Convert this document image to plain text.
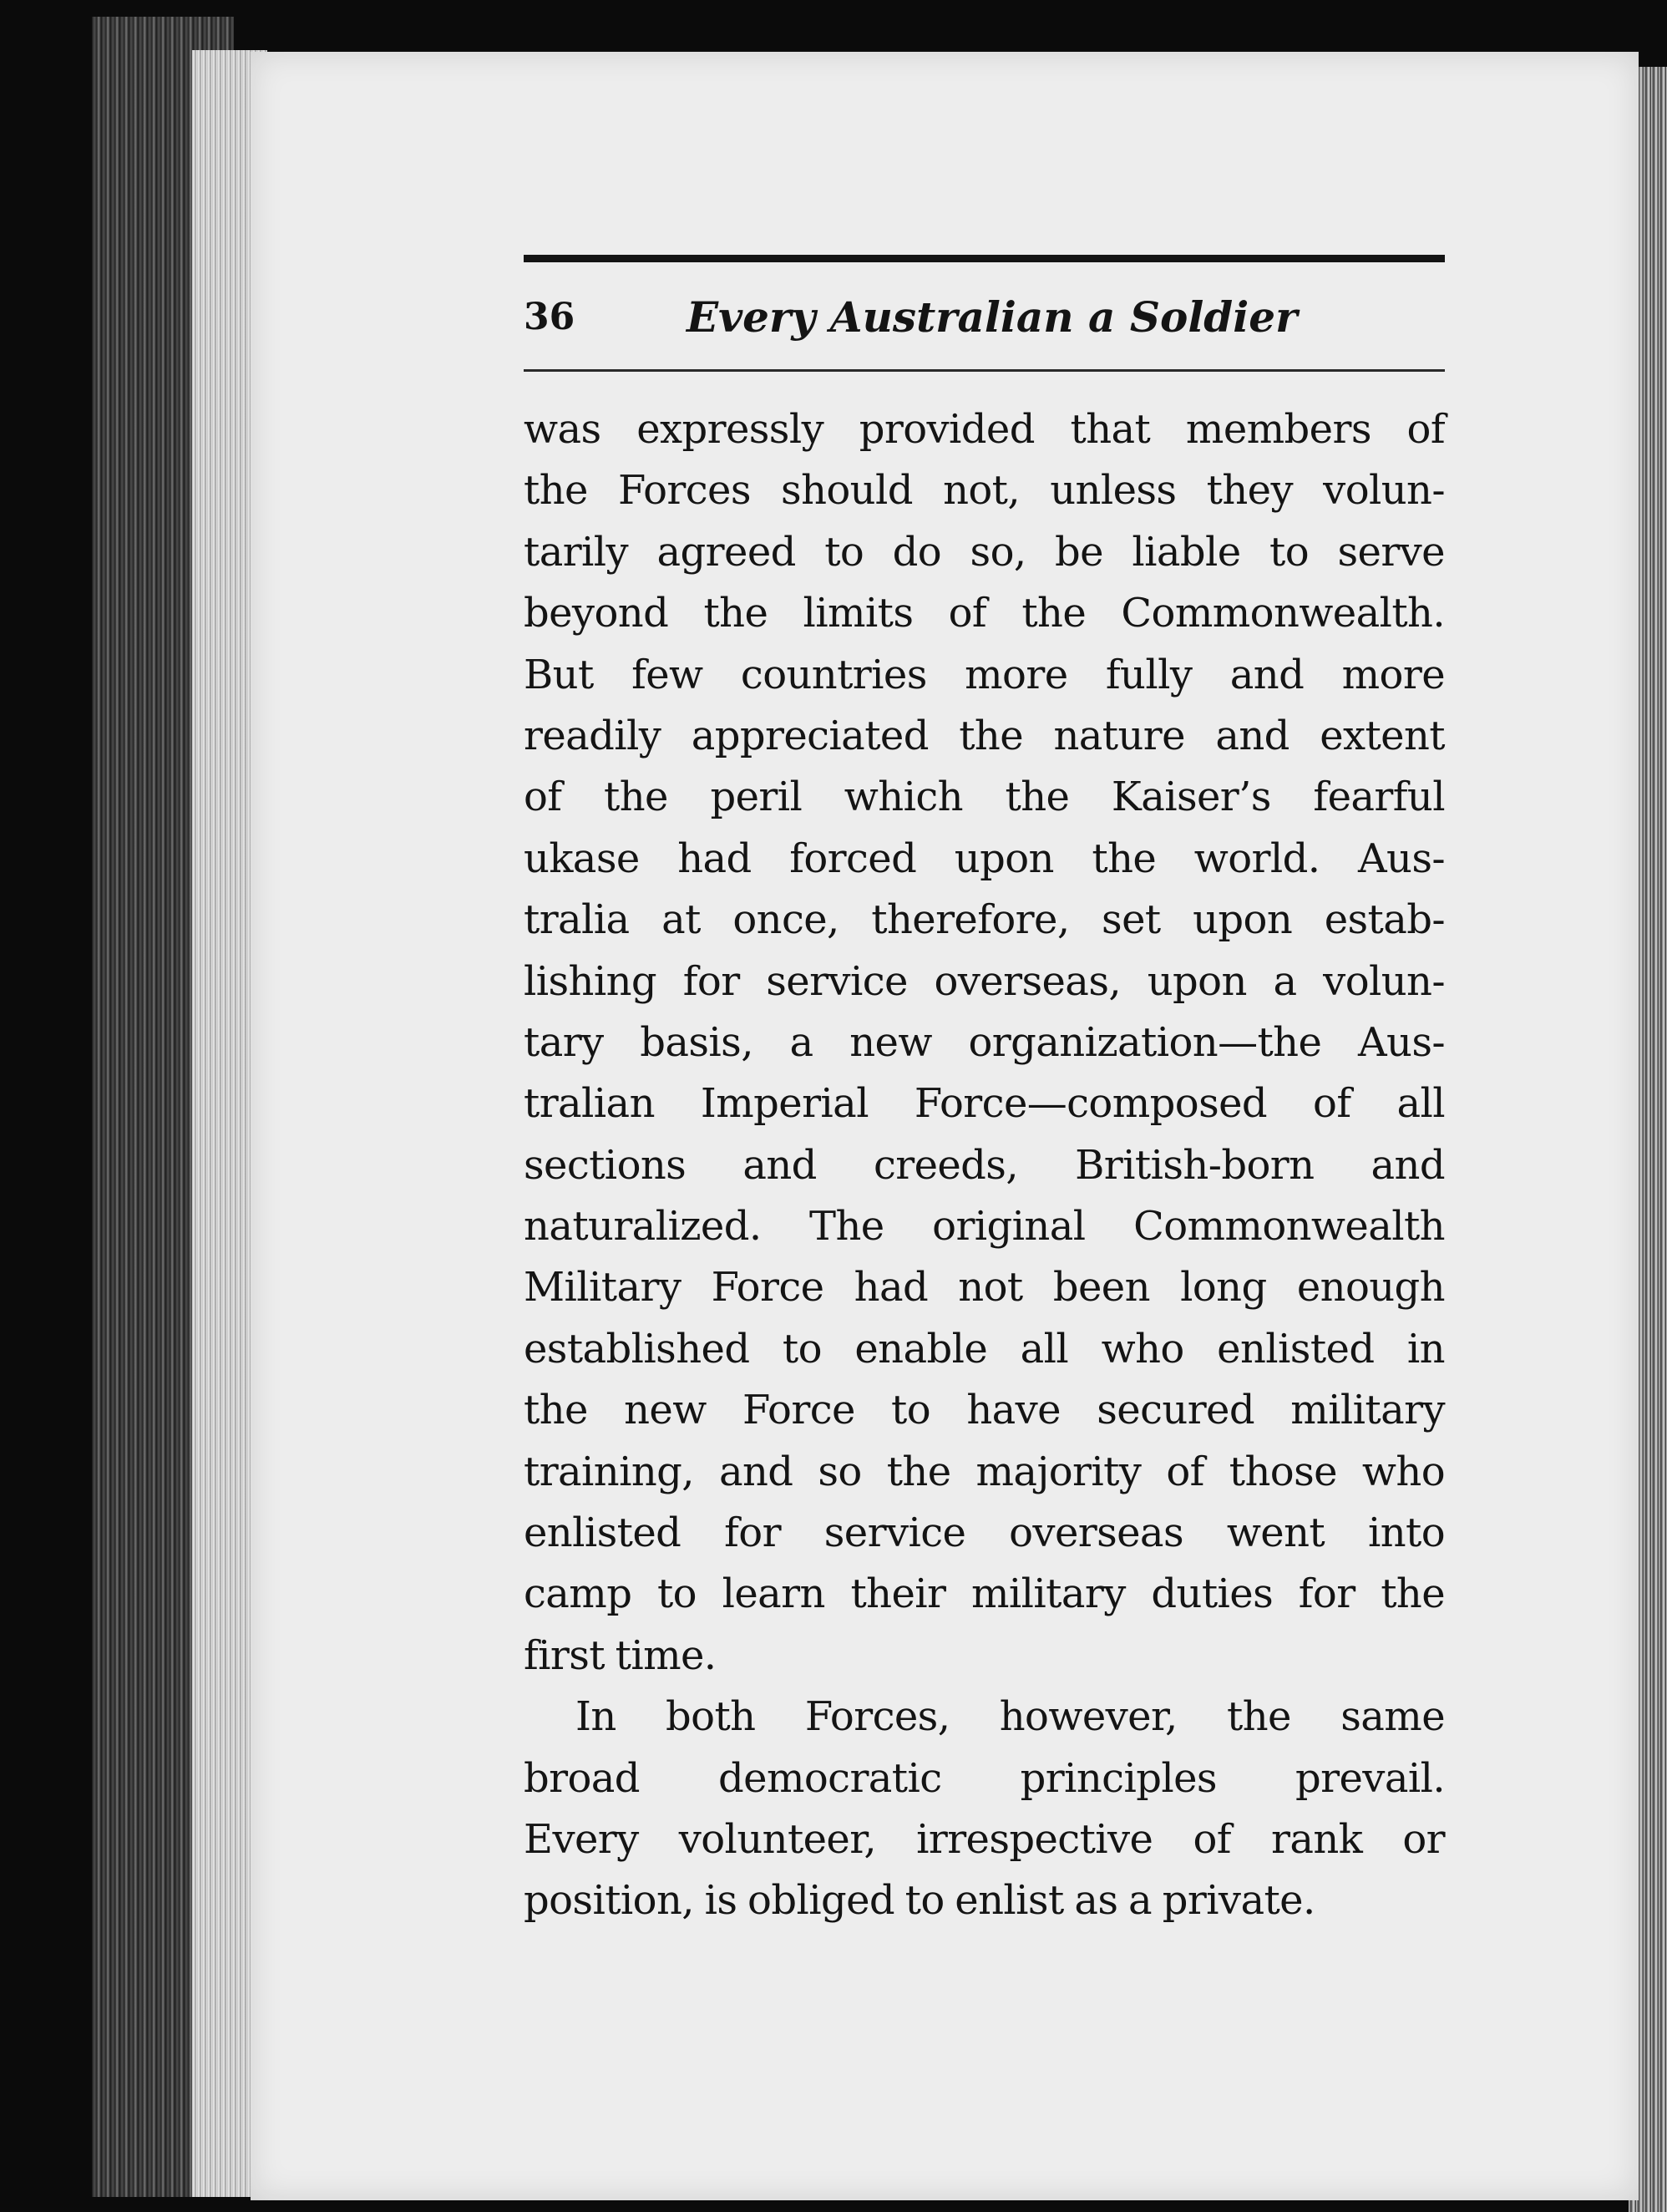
36	Every Australian a Soldier
was expressly provided that members of
the Forces should not, unless they volun-
tarily agreed to do so, be liable to serve
beyond the limits of the Commonwealth.
But few countries more fully and more
readily appreciated the nature and extent
of the peril which the Kaiser’s fearful
ukase had forced upon the world. Aus-
tralia at once, therefore, set upon estab-
lishing for service overseas, upon a volun-
tary basis, a new organization—the Aus-
tralian Imperial Force—composed of all
sections and creeds, British-born and
naturalized. The original Commonwealth
Military Force had not been long enough
established to enable all who enlisted in
the new Force to have secured military
training, and so the majority of those who
enlisted for service overseas went into
camp to learn their military duties for the
first time.
In both Forces, however, the same
broad democratic principles prevail.
Every volunteer, irrespective of rank or
position, is obliged to enlist as a private.
